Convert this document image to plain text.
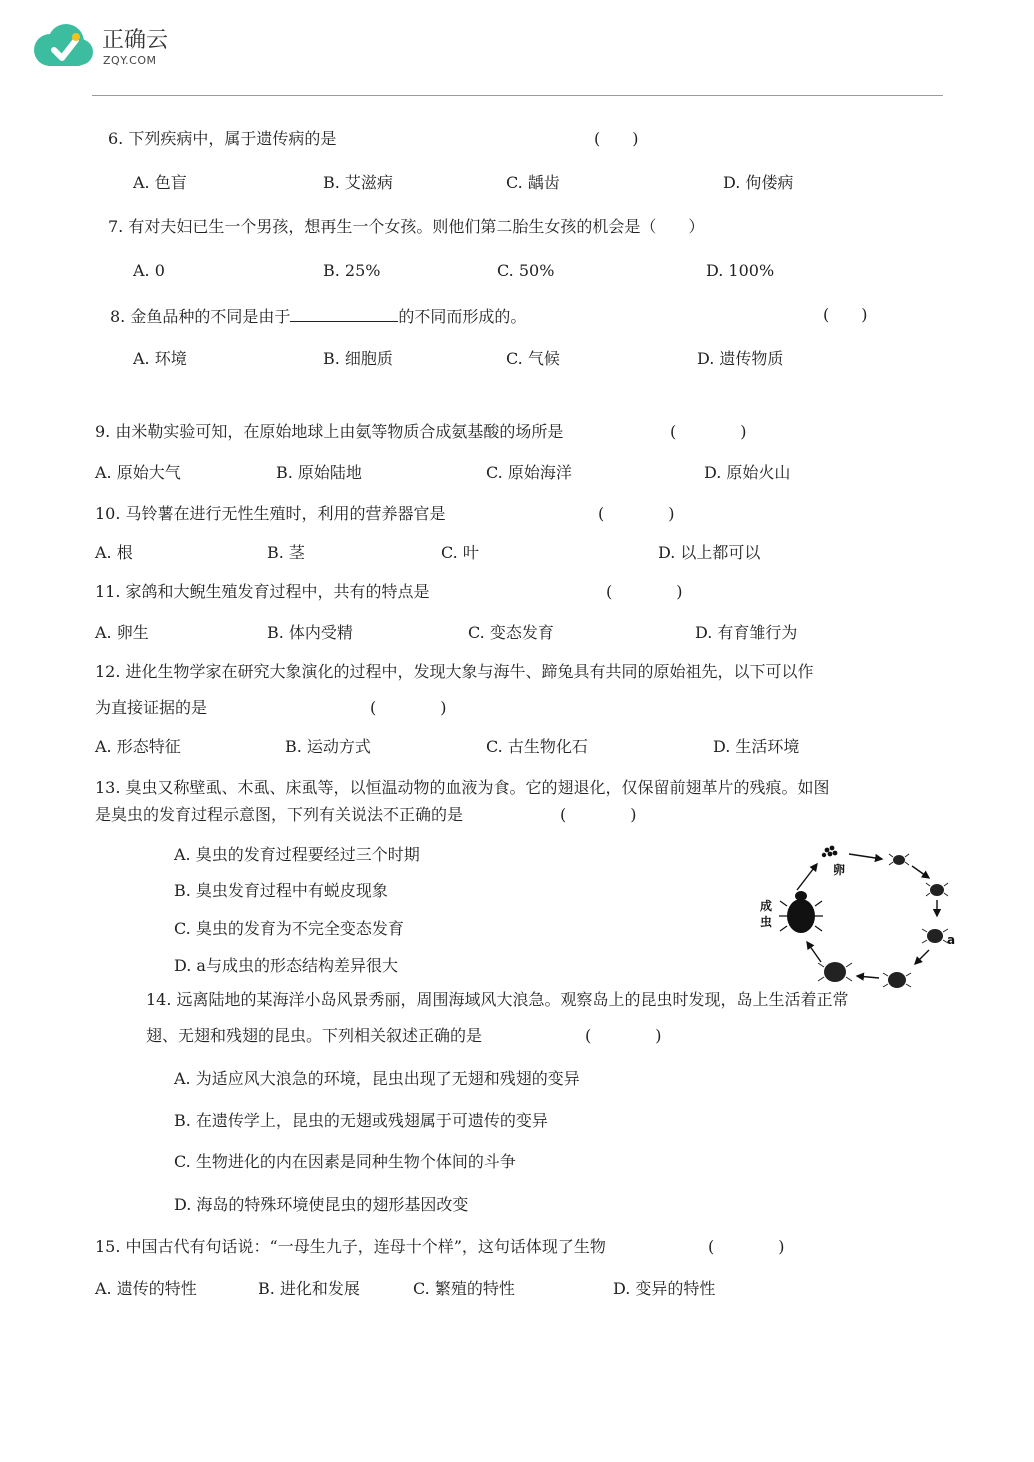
正确云
ZQY.COM
6. 下列疾病中，属于遗传病的是	(　　)
A. 色盲	B. 艾滋病	C. 龋齿	D. 佝偻病
7. 有对夫妇已生一个男孩，想再生一个女孩。则他们第二胎生女孩的机会是（　　）
A. 0	B. 25%	C. 50%	D. 100%
8. 金鱼品种的不同是由于	的不同而形成的。	(　　)
A. 环境	B. 细胞质	C. 气候	D. 遗传物质
9. 由米勒实验可知，在原始地球上由氨等物质合成氨基酸的场所是	(　　　　)
A. 原始大气	B. 原始陆地	C. 原始海洋	D. 原始火山
10. 马铃薯在进行无性生殖时，利用的营养器官是	(　　　　)
A. 根	B. 茎	C. 叶	D. 以上都可以
11. 家鸽和大鲵生殖发育过程中，共有的特点是	(　　　　)
A. 卵生	B. 体内受精	C. 变态发育	D. 有育雏行为
12. 进化生物学家在研究大象演化的过程中，发现大象与海牛、蹄兔具有共同的原始祖先，以下可以作
为直接证据的是	(　　　　)
A. 形态特征	B. 运动方式	C. 古生物化石	D. 生活环境
13. 臭虫又称壁虱、木虱、床虱等，以恒温动物的血液为食。它的翅退化，仅保留前翅革片的残痕。如图
是臭虫的发育过程示意图，下列有关说法不正确的是	(　　　　)
A. 臭虫的发育过程要经过三个时期
B. 臭虫发育过程中有蜕皮现象
C. 臭虫的发育为不完全变态发育
D. a与成虫的形态结构差异很大
卵
a
成
虫
14. 远离陆地的某海洋小岛风景秀丽，周围海域风大浪急。观察岛上的昆虫时发现，岛上生活着正常
翅、无翅和残翅的昆虫。下列相关叙述正确的是	(　　　　)
A. 为适应风大浪急的环境，昆虫出现了无翅和残翅的变异
B. 在遗传学上，昆虫的无翅或残翅属于可遗传的变异
C. 生物进化的内在因素是同种生物个体间的斗争
D. 海岛的特殊环境使昆虫的翅形基因改变
15. 中国古代有句话说：“一母生九子，连母十个样”，这句话体现了生物	(　　　　)
A. 遗传的特性	B. 进化和发展	C. 繁殖的特性	D. 变异的特性
